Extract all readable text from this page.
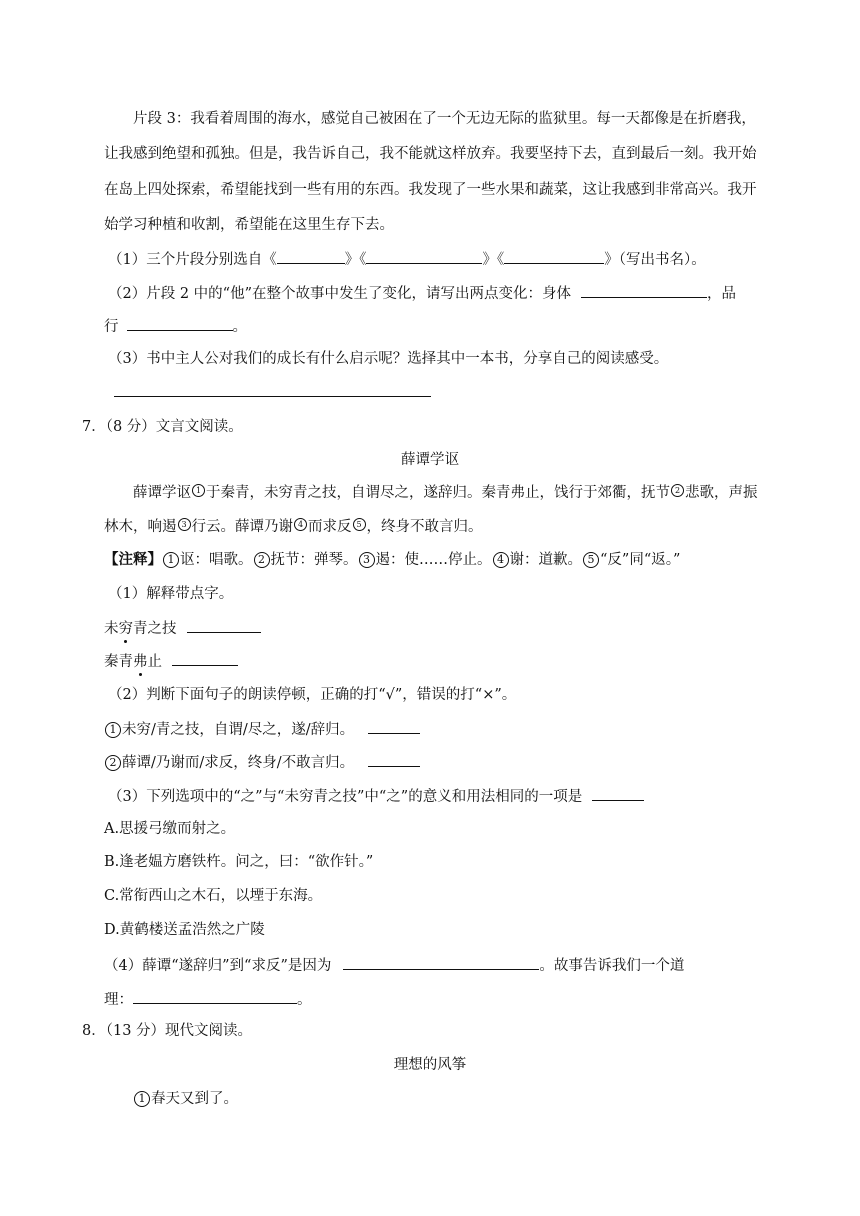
片段 3：我看着周围的海水，感觉自己被困在了一个无边无际的监狱里。每一天都像是在折磨我，
让我感到绝望和孤独。但是，我告诉自己，我不能就这样放弃。我要坚持下去，直到最后一刻。我开始
在岛上四处探索，希望能找到一些有用的东西。我发现了一些水果和蔬菜，这让我感到非常高兴。我开
始学习种植和收割，希望能在这里生存下去。
（1）三个片段分别选自《	》《	》《	》（写出书名）。
（2）片段 2 中的“他”在整个故事中发生了变化，请写出两点变化：身体	，品
行	。
（3）书中主人公对我们的成长有什么启示呢？选择其中一本书，分享自己的阅读感受。
7．（8 分）文言文阅读。
薛谭学讴
薛谭学讴 1 于秦青，未穷青之技，自谓尽之，遂辞归。秦青弗止，饯行于郊衢，抚节 2 悲歌，声振
林木，响遏 3 行云。薛谭乃谢 4 而求反 5 ，终身不敢言归。
【注释】 1 讴：唱歌。 2 抚节：弹琴。 3 遏：使……停止。 4 谢：道歉。 5 “反”同“返。”
（1）解释带点字。
未穷青之技
秦青弗止
（2）判断下面句子的朗读停顿，正确的打“√”，错误的打“×”。
1 未穷/青之技，自谓/尽之，遂/辞归。
2 薛谭/乃谢而/求反，终身/不敢言归。
（3）下列选项中的“之”与“未穷青之技”中“之”的意义和用法相同的一项是
A.思援弓缴而射之。
B.逢老媪方磨铁杵。问之，曰：“欲作针。”
C.常衔西山之木石，以堙于东海。
D.黄鹤楼送孟浩然之广陵
（4）薛谭“遂辞归”到“求反”是因为	。故事告诉我们一个道
理：	。
8．（13 分）现代文阅读。
理想的风筝
1 春天又到了。
